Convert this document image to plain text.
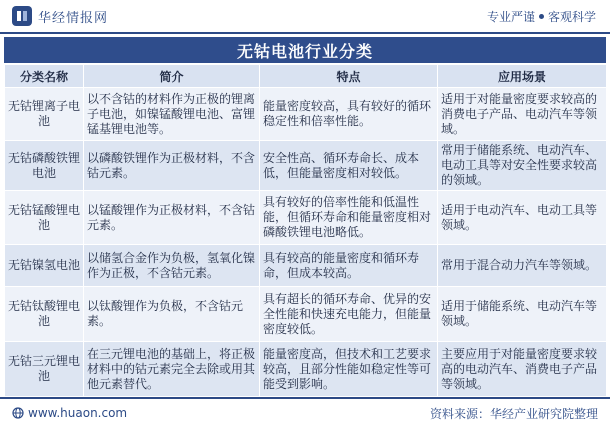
华经情报网	专业严谨 客观科学
无钴电池行业分类
分类名称	简介	特点	应用场景
无钴锂离子电池	以不含钴的材料作为正极的锂离子电池，如镍锰酸锂电池、富锂锰基锂电池等。	能量密度较高，具有较好的循环稳定性和倍率性能。	适用于对能量密度要求较高的消费电子产品、电动汽车等领域。
无钴磷酸铁锂电池	以磷酸铁锂作为正极材料，不含钴元素。	安全性高、循环寿命长、成本低，但能量密度相对较低。	常用于储能系统、电动汽车、电动工具等对安全性要求较高的领域。
无钴锰酸锂电池	以锰酸锂作为正极材料，不含钴元素。	具有较好的倍率性能和低温性能，但循环寿命和能量密度相对磷酸铁锂电池略低。	适用于电动汽车、电动工具等领域。
无钴镍氢电池	以储氢合金作为负极，氢氧化镍作为正极，不含钴元素。	具有较高的能量密度和循环寿命，但成本较高。	常用于混合动力汽车等领域。
无钴钛酸锂电池	以钛酸锂作为负极，不含钴元素。	具有超长的循环寿命、优异的安全性能和快速充电能力，但能量密度较低。	适用于储能系统、电动汽车等领域。
无钴三元锂电池	在三元锂电池的基础上，将正极材料中的钴元素完全去除或用其他元素替代。	能量密度高，但技术和工艺要求较高，且部分性能如稳定性等可能受到影响。	主要应用于对能量密度要求较高的电动汽车、消费电子产品等领域。
www.huaon.com	资料来源：华经产业研究院整理
